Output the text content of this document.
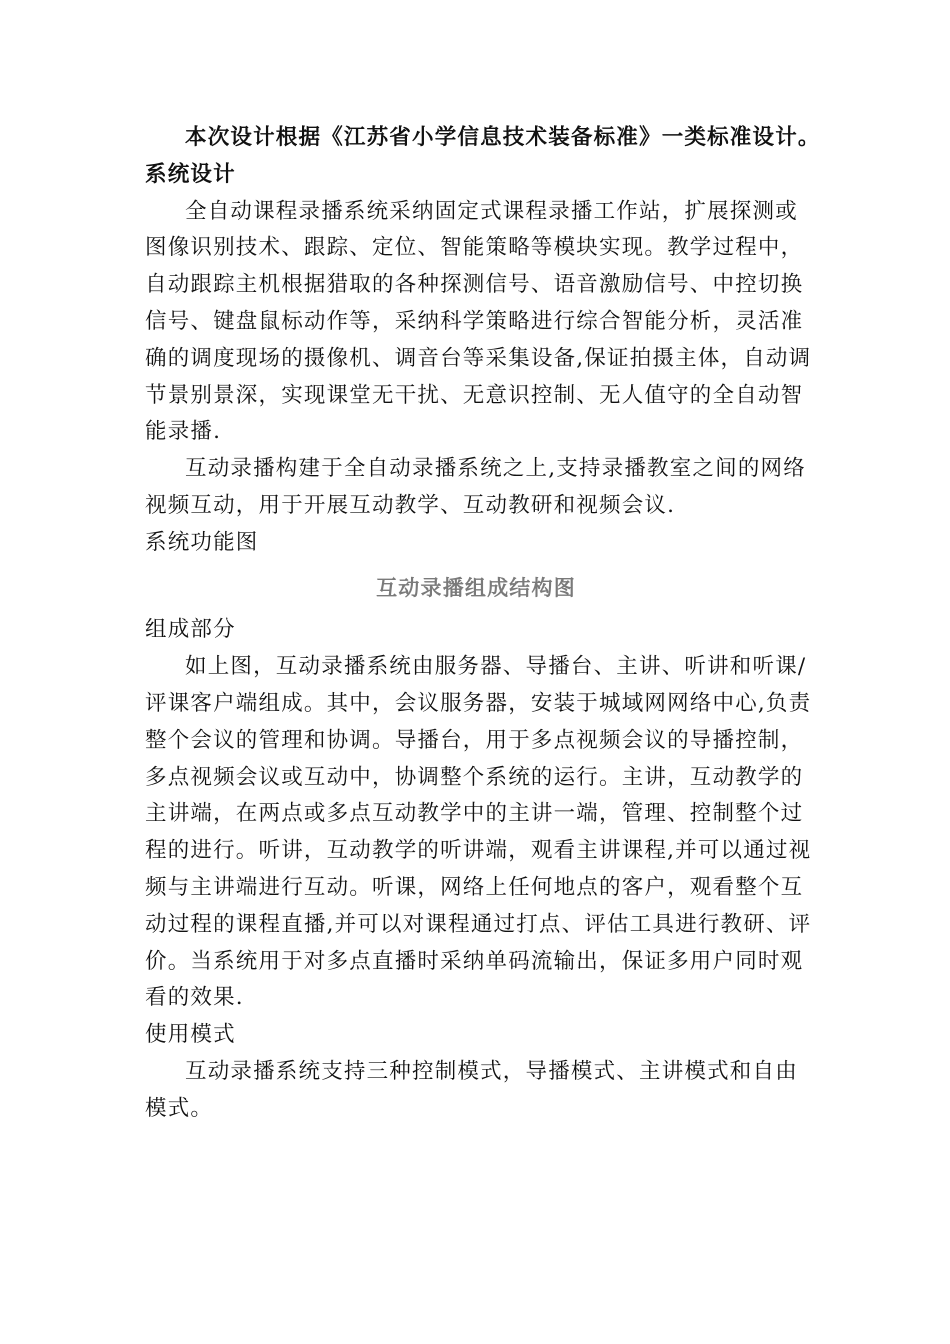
本次设计根据《江苏省小学信息技术装备标准》一类标准设计。

系统设计

全自动课程录播系统采纳固定式课程录播工作站，扩展探测或

图像识别技术、跟踪、定位、智能策略等模块实现。教学过程中，

自动跟踪主机根据猎取的各种探测信号、语音激励信号、中控切换

信号、键盘鼠标动作等，采纳科学策略进行综合智能分析，灵活准

确的调度现场的摄像机、调音台等采集设备,保证拍摄主体，自动调

节景别景深，实现课堂无干扰、无意识控制、无人值守的全自动智

能录播.

互动录播构建于全自动录播系统之上,支持录播教室之间的网络

视频互动，用于开展互动教学、互动教研和视频会议.

系统功能图

互动录播组成结构图

组成部分

如上图，互动录播系统由服务器、导播台、主讲、听讲和听课/

评课客户端组成。其中，会议服务器，安装于城域网网络中心,负责

整个会议的管理和协调。导播台，用于多点视频会议的导播控制，

多点视频会议或互动中，协调整个系统的运行。主讲，互动教学的

主讲端，在两点或多点互动教学中的主讲一端，管理、控制整个过

程的进行。听讲，互动教学的听讲端，观看主讲课程,并可以通过视

频与主讲端进行互动。听课，网络上任何地点的客户，观看整个互

动过程的课程直播,并可以对课程通过打点、评估工具进行教研、评

价。当系统用于对多点直播时采纳单码流输出，保证多用户同时观

看的效果.

使用模式

互动录播系统支持三种控制模式，导播模式、主讲模式和自由

模式。
